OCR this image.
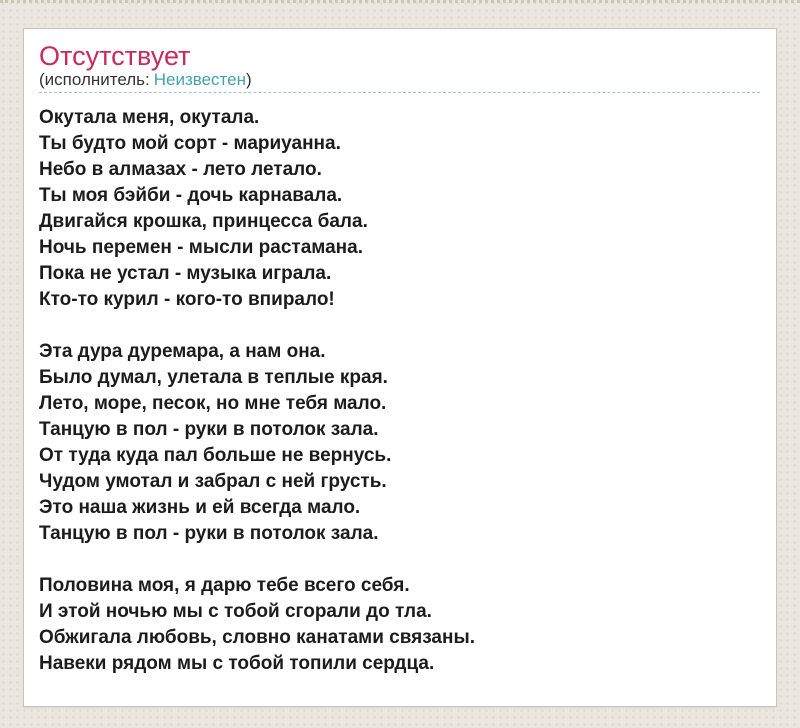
Отсутствует
(исполнитель: Неизвестен)
Окутала меня, окутала.
Ты будто мой сорт - мариуанна.
Небо в алмазах - лето летало.
Ты моя бэйби - дочь карнавала.
Двигайся крошка, принцесса бала.
Ночь перемен - мысли растамана.
Пока не устал - музыка играла.
Кто-то курил - кого-то впирало!

Эта дура дуремара, а нам она.
Было думал, улетала в теплые края.
Лето, море, песок, но мне тебя мало.
Танцую в пол - руки в потолок зала.
От туда куда пал больше не вернусь.
Чудом умотал и забрал с ней грусть.
Это наша жизнь и ей всегда мало.
Танцую в пол - руки в потолок зала.

Половина моя, я дарю тебе всего себя.
И этой ночью мы с тобой сгорали до тла.
Обжигала любовь, словно канатами связаны.
Навеки рядом мы с тобой топили сердца.
